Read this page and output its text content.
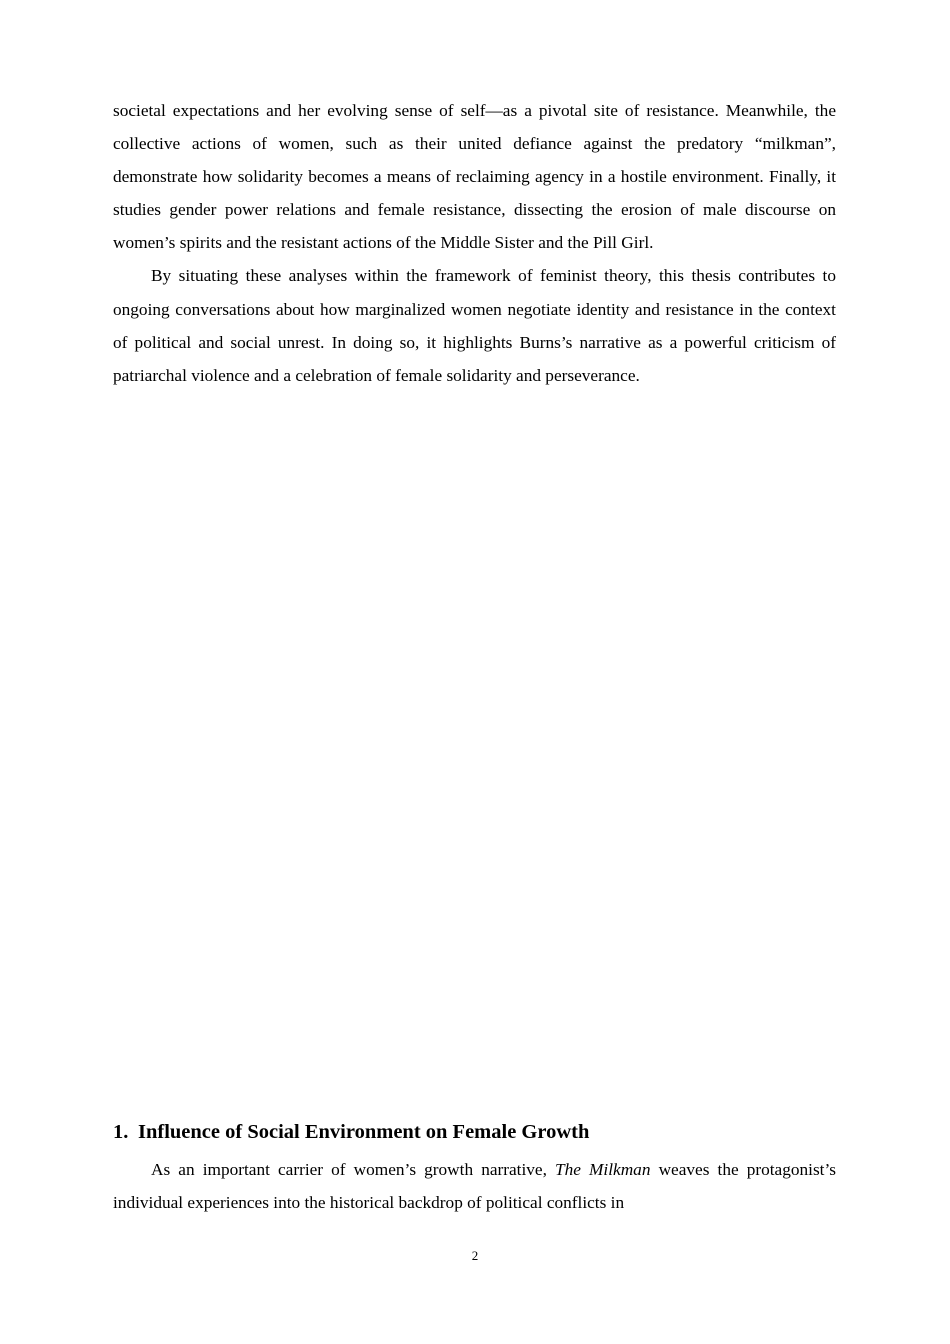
societal expectations and her evolving sense of self—as a pivotal site of resistance. Meanwhile, the collective actions of women, such as their united defiance against the predatory “milkman”, demonstrate how solidarity becomes a means of reclaiming agency in a hostile environment. Finally, it studies gender power relations and female resistance, dissecting the erosion of male discourse on women’s spirits and the resistant actions of the Middle Sister and the Pill Girl.

By situating these analyses within the framework of feminist theory, this thesis contributes to ongoing conversations about how marginalized women negotiate identity and resistance in the context of political and social unrest. In doing so, it highlights Burns’s narrative as a powerful criticism of patriarchal violence and a celebration of female solidarity and perseverance.

1. Influence of Social Environment on Female Growth

As an important carrier of women’s growth narrative, The Milkman weaves the protagonist’s individual experiences into the historical backdrop of political conflicts in

2
